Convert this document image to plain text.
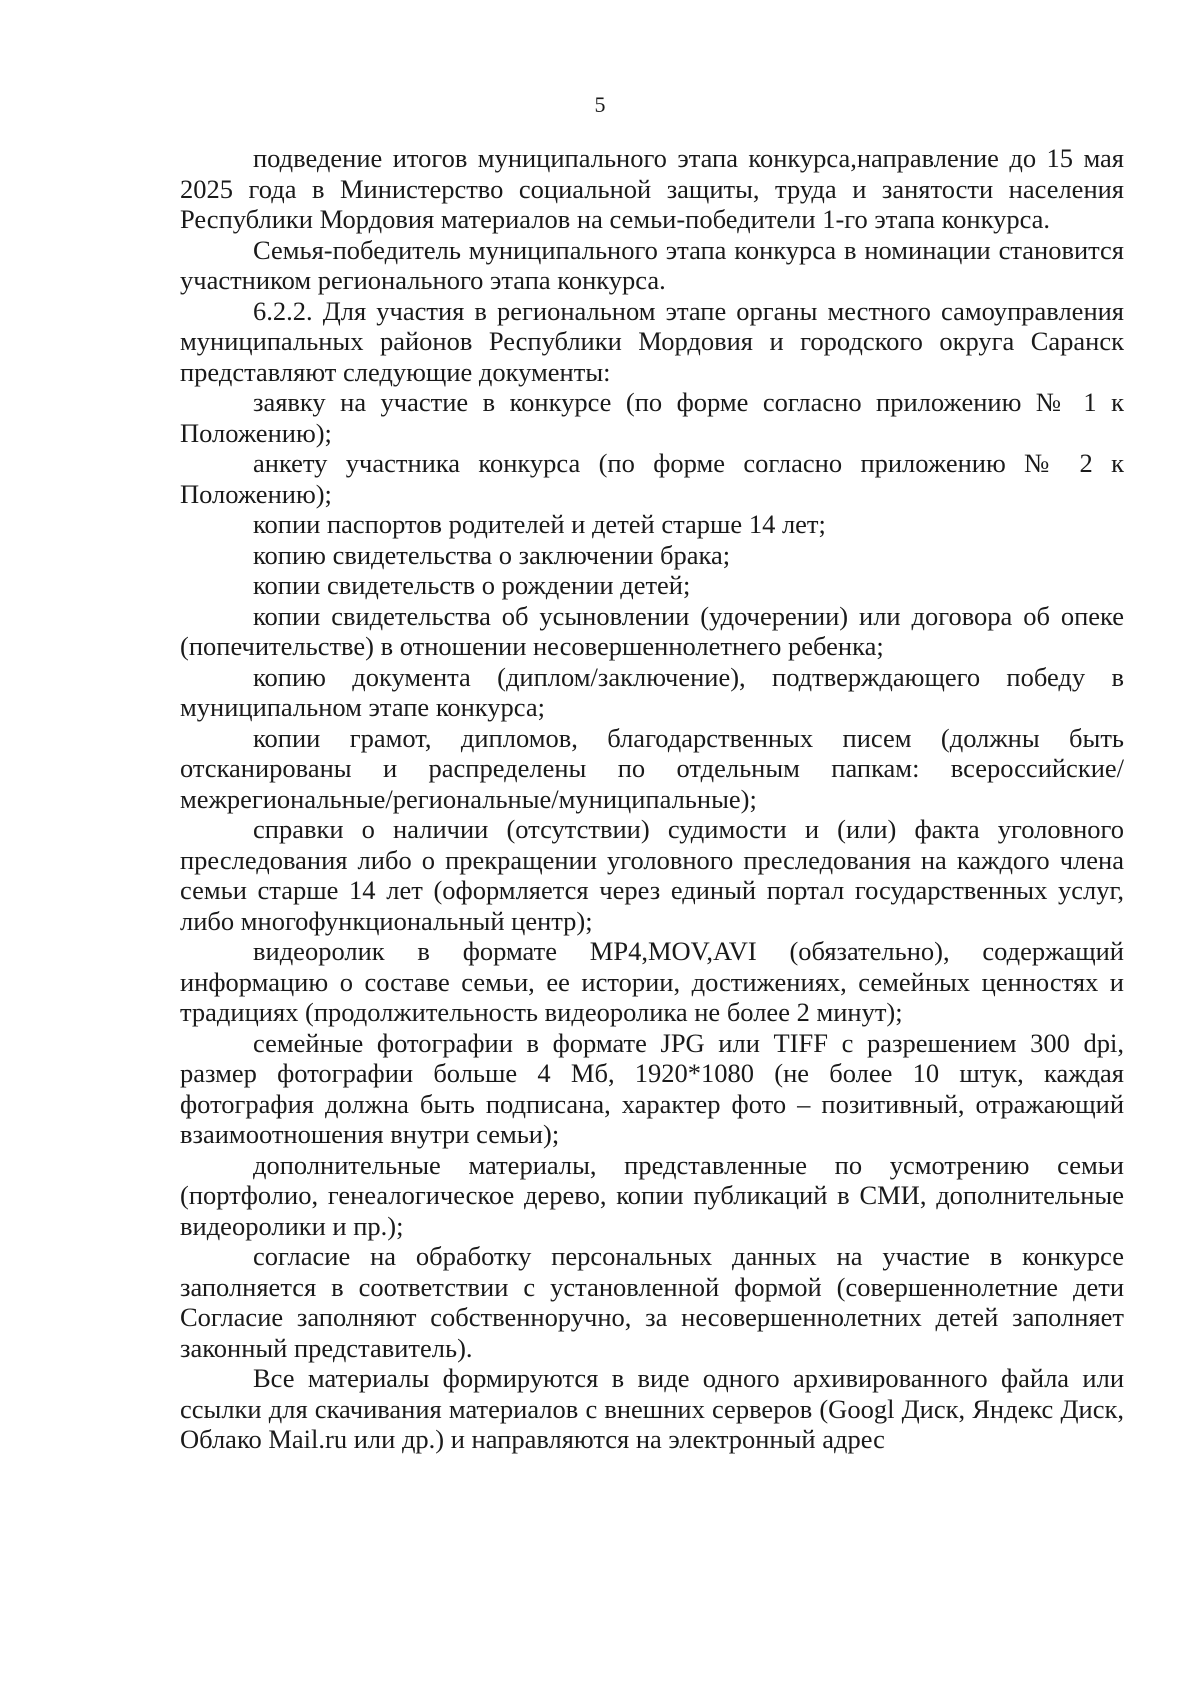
5

подведение итогов муниципального этапа конкурса,направление до 15 мая 2025 года в Министерство социальной защиты, труда и занятости населения Республики Мордовия материалов на семьи-победители 1-го этапа конкурса.

Семья-победитель муниципального этапа конкурса в номинации становится участником регионального этапа конкурса.

6.2.2. Для участия в региональном этапе органы местного самоуправления муниципальных районов Республики Мордовия и городского округа Саранск представляют следующие документы:

заявку на участие в конкурсе (по форме согласно приложению № 1 к Положению);

анкету участника конкурса (по форме согласно приложению № 2 к Положению);

копии паспортов родителей и детей старше 14 лет;

копию свидетельства о заключении брака;

копии свидетельств о рождении детей;

копии свидетельства об усыновлении (удочерении) или договора об опеке (попечительстве) в отношении несовершеннолетнего ребенка;

копию документа (диплом/заключение), подтверждающего победу в муниципальном этапе конкурса;

копии грамот, дипломов, благодарственных писем (должны быть отсканированы и распределены по отдельным папкам: всероссийские/межрегиональные/региональные/муниципальные);

справки о наличии (отсутствии) судимости и (или) факта уголовного преследования либо о прекращении уголовного преследования на каждого члена семьи старше 14 лет (оформляется через единый портал государственных услуг, либо многофункциональный центр);

видеоролик в формате MP4,MOV,AVI (обязательно), содержащий информацию о составе семьи, ее истории, достижениях, семейных ценностях и традициях (продолжительность видеоролика не более 2 минут);

семейные фотографии в формате JPG или TIFF с разрешением 300 dpi, размер фотографии больше 4 Мб, 1920*1080 (не более 10 штук, каждая фотография должна быть подписана, характер фото – позитивный, отражающий взаимоотношения внутри семьи);

дополнительные материалы, представленные по усмотрению семьи (портфолио, генеалогическое дерево, копии публикаций в СМИ, дополнительные видеоролики и пр.);

согласие на обработку персональных данных на участие в конкурсе заполняется в соответствии с установленной формой (совершеннолетние дети Согласие заполняют собственноручно, за несовершеннолетних детей заполняет законный представитель).

Все материалы формируются в виде одного архивированного файла или ссылки для скачивания материалов с внешних серверов (Googl Диск, Яндекс Диск, Облако Mail.ru или др.) и направляются на электронный адрес
